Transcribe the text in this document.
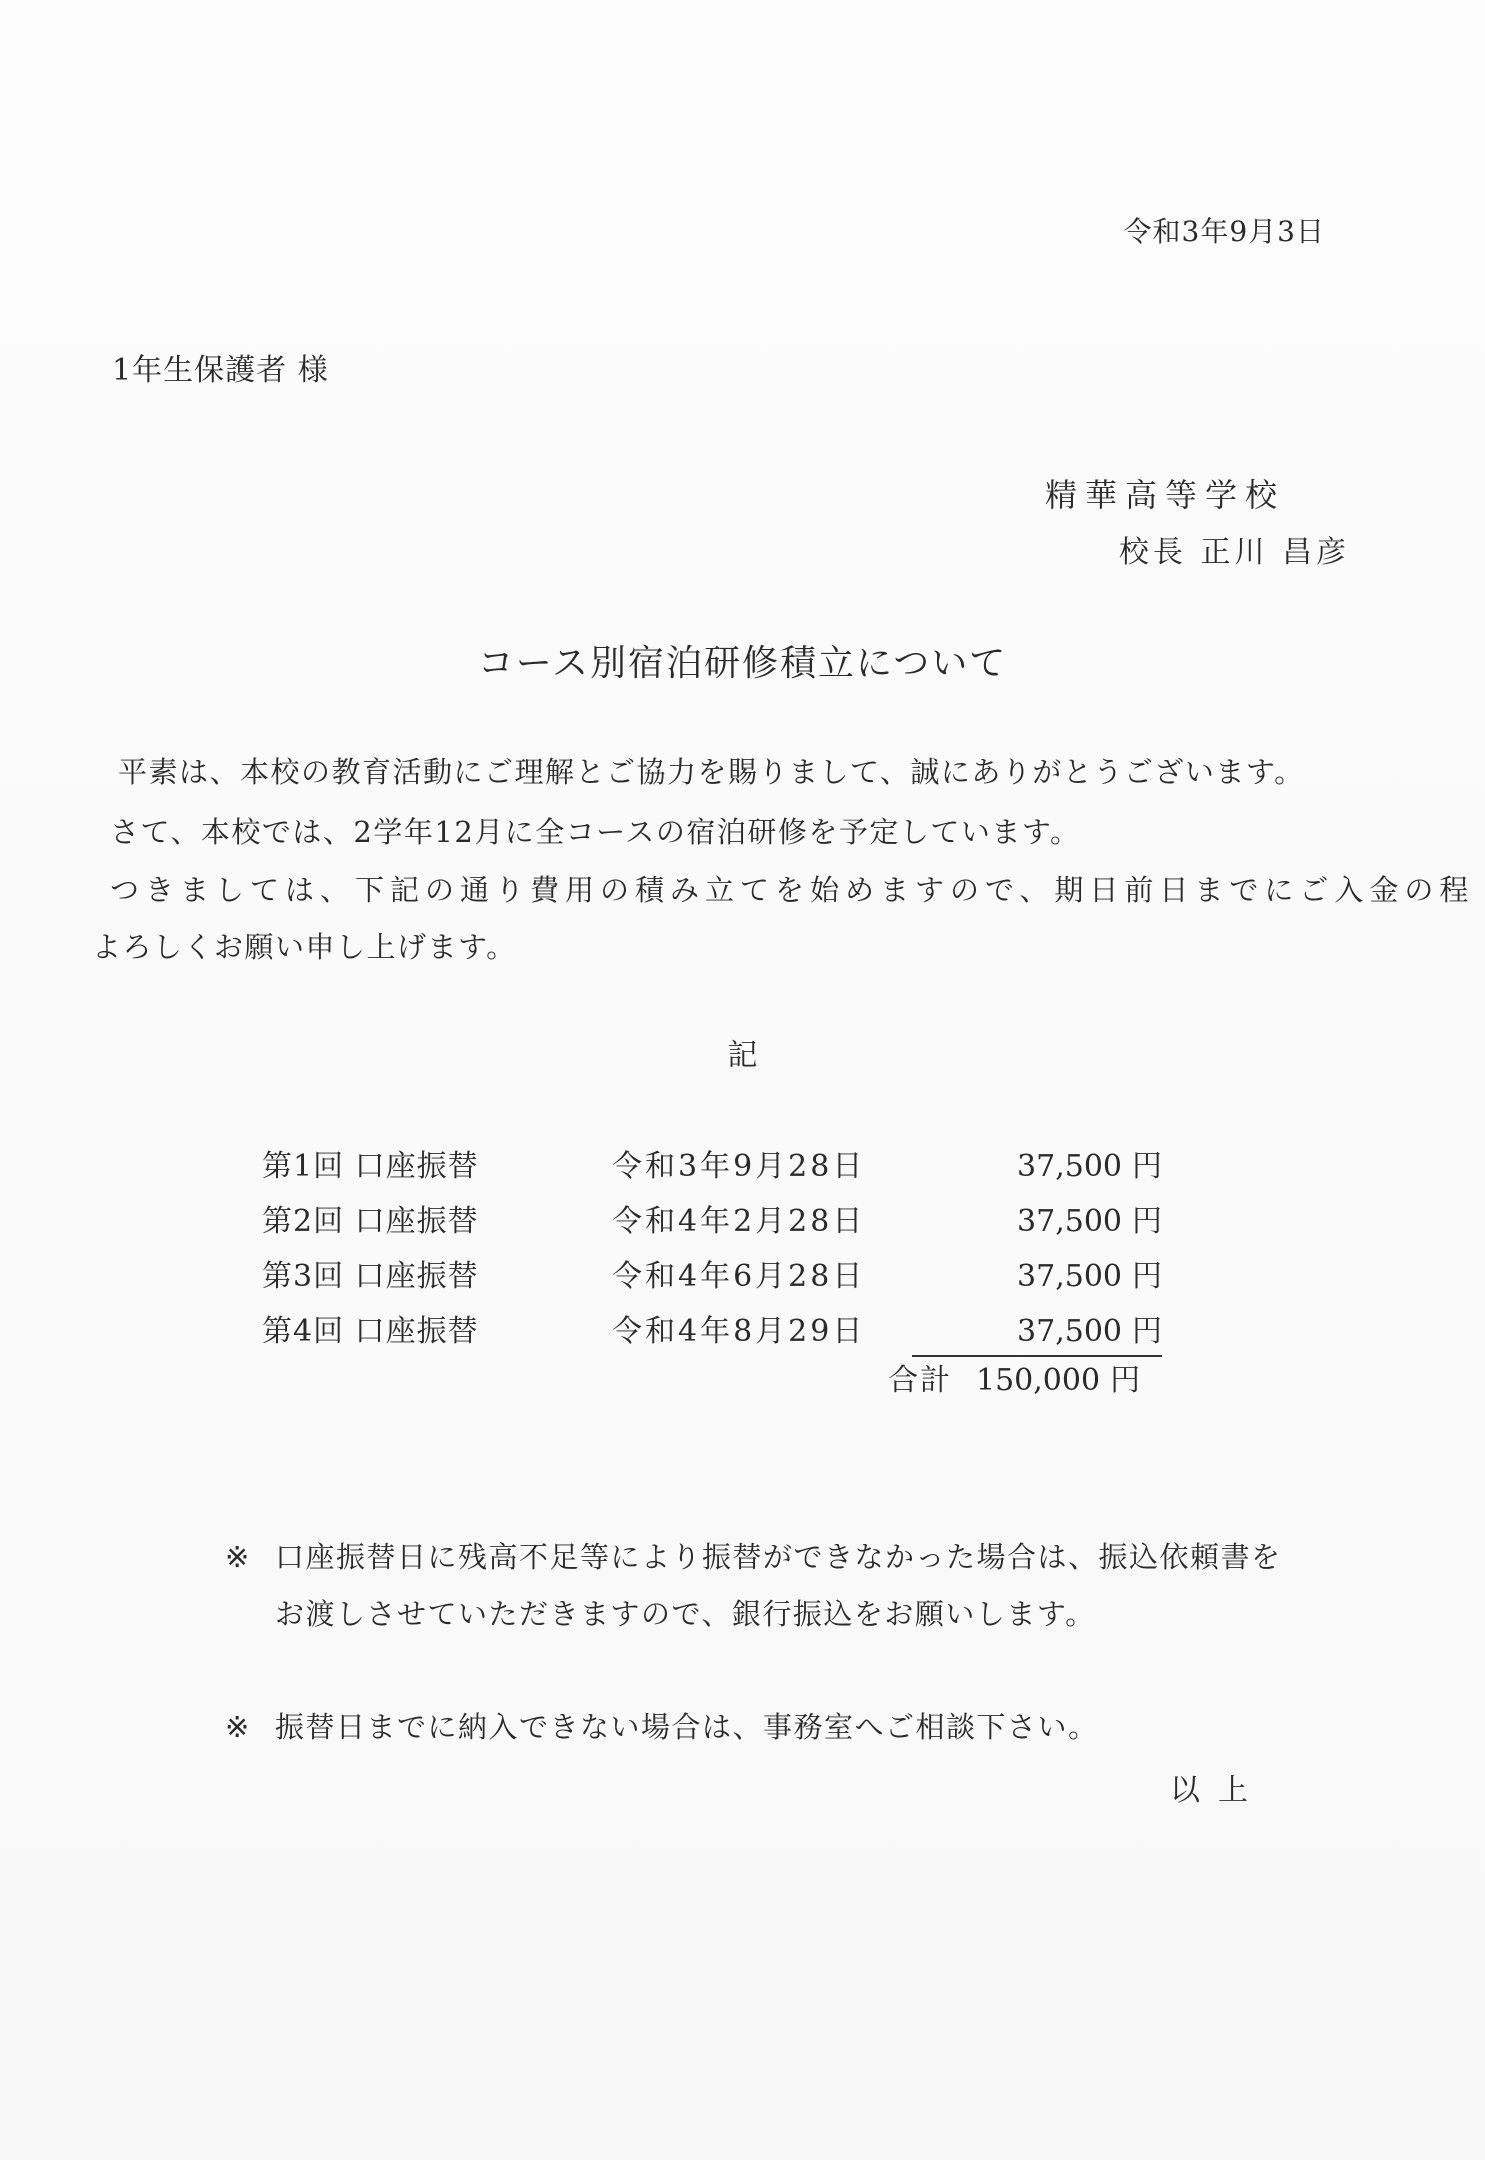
令和3年9月3日
1年生保護者 様
精華高等学校
校長 正川 昌彦
コース別宿泊研修積立について
平素は、本校の教育活動にご理解とご協力を賜りまして、誠にありがとうございます。
さて、本校では、2学年12月に全コースの宿泊研修を予定しています。
つきましては、下記の通り費用の積み立てを始めますので、期日前日までにご入金の程
よろしくお願い申し上げます。
記
第1回 口座振替	令和3年9月28日	37,500 円
第2回 口座振替	令和4年2月28日	37,500 円
第3回 口座振替	令和4年6月28日	37,500 円
第4回 口座振替	令和4年8月29日	37,500 円
合計 150,000 円
※ 口座振替日に残高不足等により振替ができなかった場合は、振込依頼書を
お渡しさせていただきますので、銀行振込をお願いします。
※ 振替日までに納入できない場合は、事務室へご相談下さい。
以上
